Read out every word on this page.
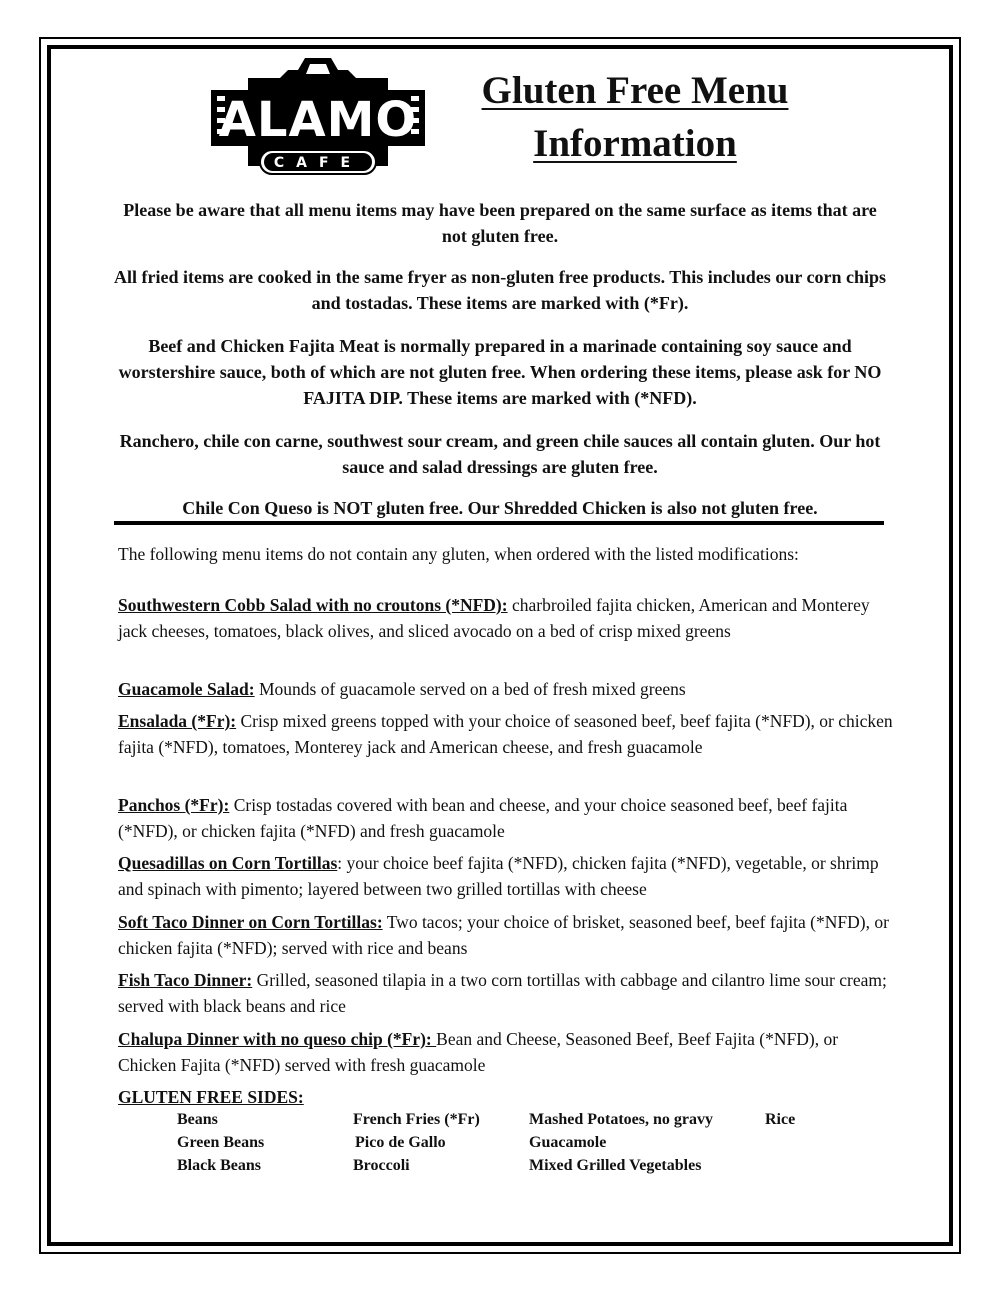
ALAMO
CAFE
Gluten Free Menu
Information
Please be aware that all menu items may have been prepared on the same surface as items that are not gluten free.
All fried items are cooked in the same fryer as non-gluten free products. This includes our corn chips and tostadas. These items are marked with (*Fr).
Beef and Chicken Fajita Meat is normally prepared in a marinade containing soy sauce and worstershire sauce, both of which are not gluten free. When ordering these items, please ask for NO FAJITA DIP. These items are marked with (*NFD).
Ranchero, chile con carne, southwest sour cream, and green chile sauces all contain gluten. Our hot sauce and salad dressings are gluten free.
Chile Con Queso is NOT gluten free. Our Shredded Chicken is also not gluten free.
The following menu items do not contain any gluten, when ordered with the listed modifications:
Southwestern Cobb Salad with no croutons (*NFD): charbroiled fajita chicken, American and Monterey jack cheeses, tomatoes, black olives, and sliced avocado on a bed of crisp mixed greens
Guacamole Salad: Mounds of guacamole served on a bed of fresh mixed greens
Ensalada (*Fr): Crisp mixed greens topped with your choice of seasoned beef, beef fajita (*NFD), or chicken fajita (*NFD), tomatoes, Monterey jack and American cheese, and fresh guacamole
Panchos (*Fr): Crisp tostadas covered with bean and cheese, and your choice seasoned beef, beef fajita (*NFD), or chicken fajita (*NFD) and fresh guacamole
Quesadillas on Corn Tortillas: your choice beef fajita (*NFD), chicken fajita (*NFD), vegetable, or shrimp and spinach with pimento; layered between two grilled tortillas with cheese
Soft Taco Dinner on Corn Tortillas: Two tacos; your choice of brisket, seasoned beef, beef fajita (*NFD), or chicken fajita (*NFD); served with rice and beans
Fish Taco Dinner: Grilled, seasoned tilapia in a two corn tortillas with cabbage and cilantro lime sour cream; served with black beans and rice
Chalupa Dinner with no queso chip (*Fr): Bean and Cheese, Seasoned Beef, Beef Fajita (*NFD), or Chicken Fajita (*NFD) served with fresh guacamole
GLUTEN FREE SIDES:
Beans
Green Beans
Black Beans
French Fries (*Fr)
Pico de Gallo
Broccoli
Mashed Potatoes, no gravy
Guacamole
Mixed Grilled Vegetables
Rice
